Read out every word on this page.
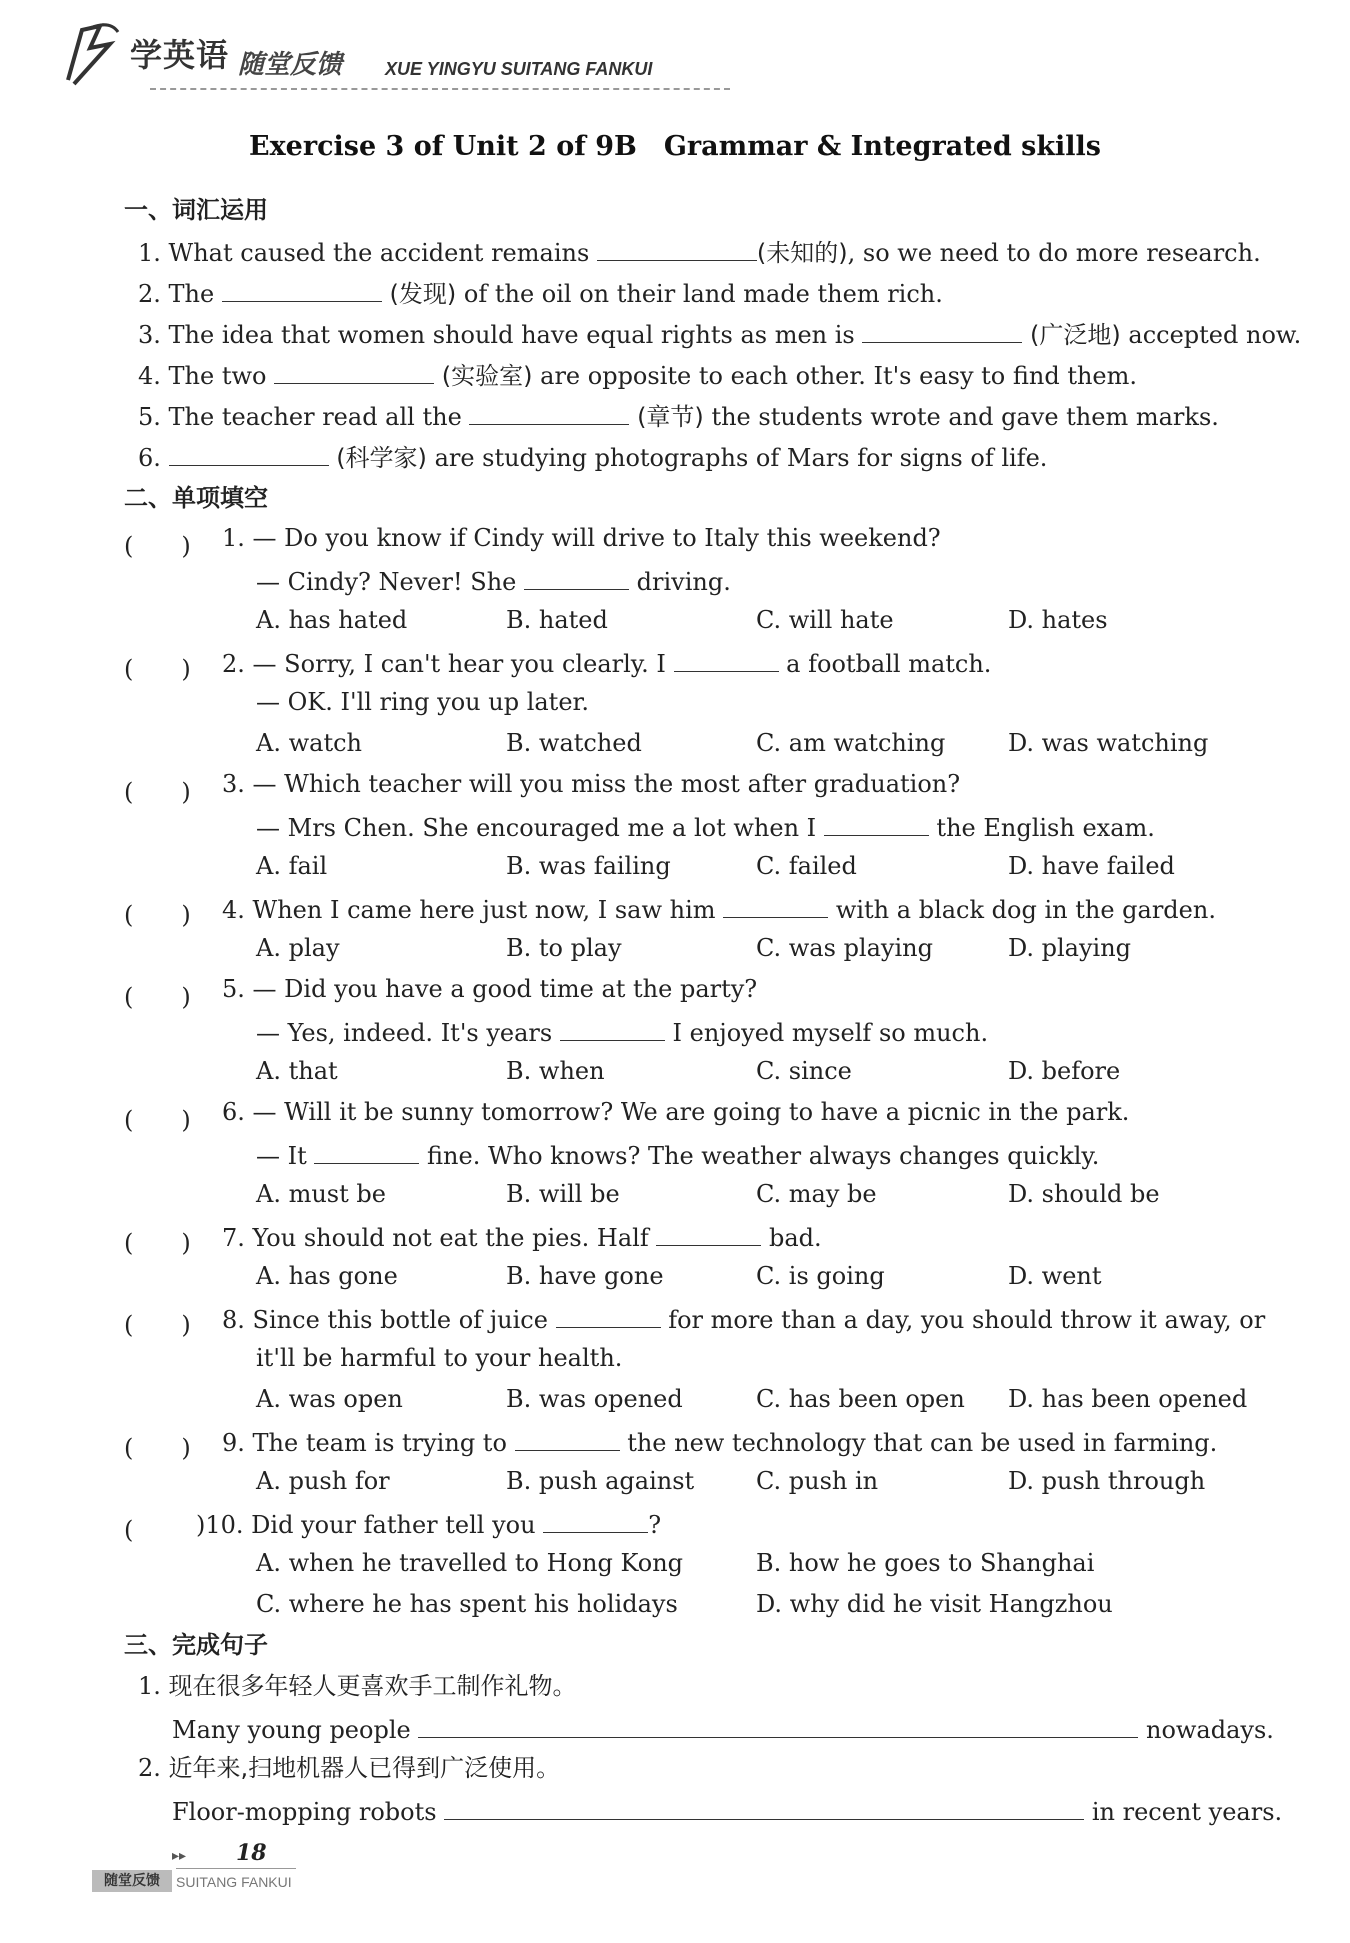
学英语 随堂反馈 XUE YINGYU SUITANG FANKUI
Exercise 3 of Unit 2 of 9B　Grammar & Integrated skills
一、词汇运用
1. What caused the accident remains	(未知的), so we need to do more research.
2. The	(发现) of the oil on their land made them rich.
3. The idea that women should have equal rights as men is	(广泛地) accepted now.
4. The two	(实验室) are opposite to each other. It's easy to find them.
5. The teacher read all the	(章节) the students wrote and gave them marks.
6.	(科学家) are studying photographs of Mars for signs of life.
二、单项填空
(　　) 1. — Do you know if Cindy will drive to Italy this weekend?
— Cindy? Never! She	driving.
A. has hated	B. hated	C. will hate	D. hates
(　　) 2. — Sorry, I can't hear you clearly. I	a football match.
— OK. I'll ring you up later.
A. watch	B. watched	C. am watching	D. was watching
(　　) 3. — Which teacher will you miss the most after graduation?
— Mrs Chen. She encouraged me a lot when I	the English exam.
A. fail	B. was failing	C. failed	D. have failed
(　　) 4. When I came here just now, I saw him	with a black dog in the garden.
A. play	B. to play	C. was playing	D. playing
(　　) 5. — Did you have a good time at the party?
— Yes, indeed. It's years	I enjoyed myself so much.
A. that	B. when	C. since	D. before
(　　) 6. — Will it be sunny tomorrow? We are going to have a picnic in the park.
— It	fine. Who knows? The weather always changes quickly.
A. must be	B. will be	C. may be	D. should be
(　　) 7. You should not eat the pies. Half	bad.
A. has gone	B. have gone	C. is going	D. went
(　　) 8. Since this bottle of juice	for more than a day, you should throw it away, or
it'll be harmful to your health.
A. was open	B. was opened	C. has been open D. has been opened
(　　) 9. The team is trying to	the new technology that can be used in farming.
A. push for	B. push against	C. push in	D. push through
(　　 )10. Did your father tell you	?
A. when he travelled to Hong Kong	B. how he goes to Shanghai
C. where he has spent his holidays	D. why did he visit Hangzhou
三、完成句子
1. 现在很多年轻人更喜欢手工制作礼物。
Many young people	nowadays.
2. 近年来,扫地机器人已得到广泛使用。
Floor-mopping robots	in recent years.
▸▸ 18
随堂反馈	SUITANG FANKUI
